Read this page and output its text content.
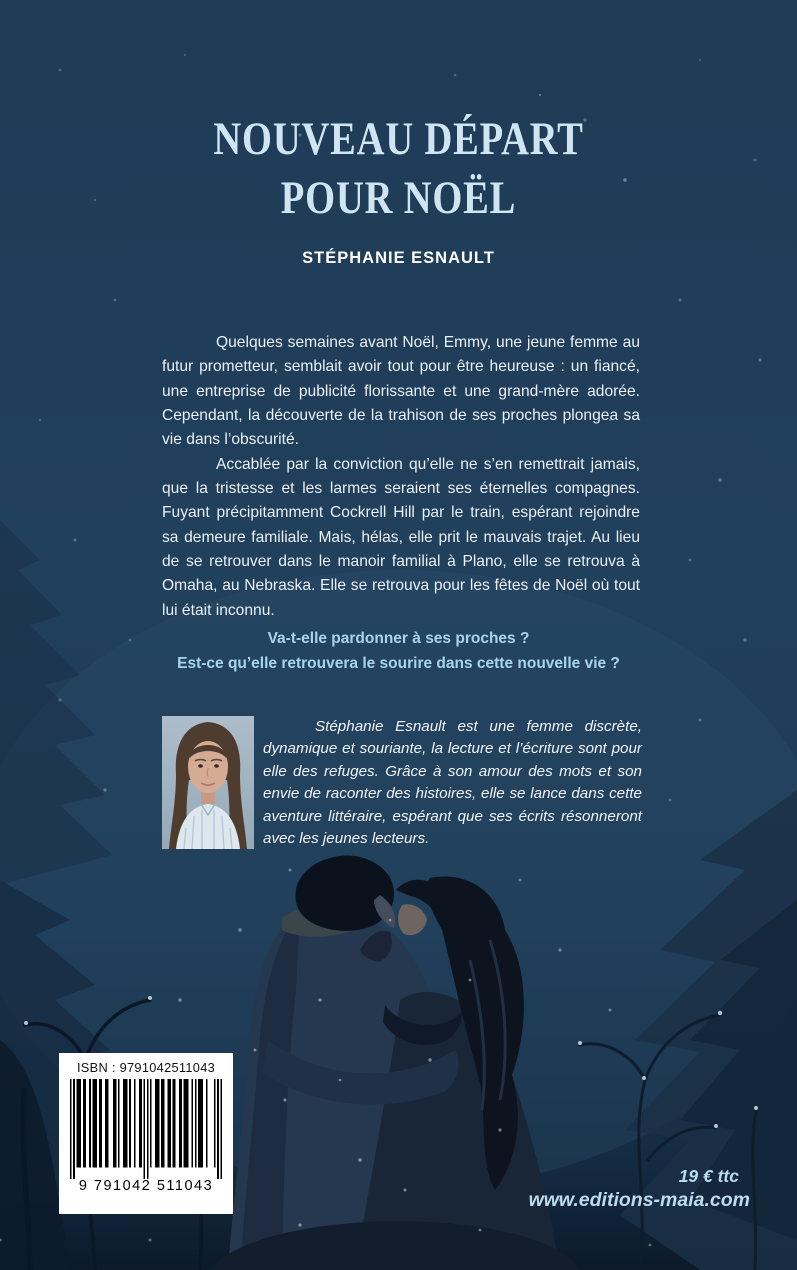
NOUVEAU DÉPART
POUR NOËL
STÉPHANIE ESNAULT

Quelques semaines avant Noël, Emmy, une jeune femme au futur prometteur, semblait avoir tout pour être heureuse : un fiancé, une entreprise de publicité florissante et une grand-mère adorée. Cependant, la découverte de la trahison de ses proches plongea sa vie dans l’obscurité.

Accablée par la conviction qu’elle ne s’en remettrait jamais, que la tristesse et les larmes seraient ses éternelles compagnes. Fuyant précipitamment Cockrell Hill par le train, espérant rejoindre sa demeure familiale. Mais, hélas, elle prit le mauvais trajet. Au lieu de se retrouver dans le manoir familial à Plano, elle se retrouva à Omaha, au Nebraska. Elle se retrouva pour les fêtes de Noël où tout lui était inconnu.

Va-t-elle pardonner à ses proches ?
Est-ce qu’elle retrouvera le sourire dans cette nouvelle vie ?

Stéphanie Esnault est une femme discrète, dynamique et souriante, la lecture et l’écriture sont pour elle des refuges. Grâce à son amour des mots et son envie de raconter des histoires, elle se lance dans cette aventure littéraire, espérant que ses écrits résonneront avec les jeunes lecteurs.

ISBN : 9791042511043
9 791042 511043	19 € ttc
www.editions-maia.com
